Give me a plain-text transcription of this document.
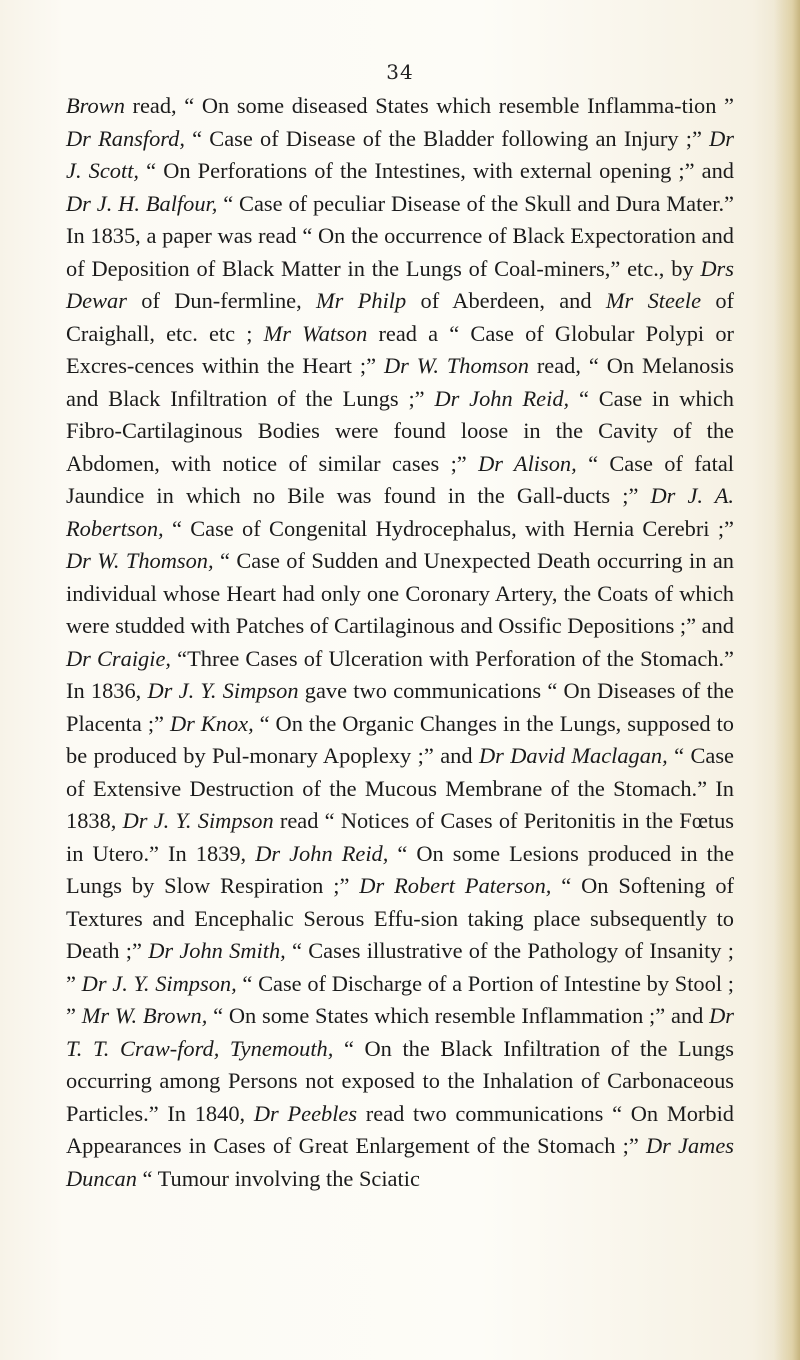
34

Brown read, “ On some diseased States which resemble Inflamma-tion ” Dr Ransford, “ Case of Disease of the Bladder following an Injury ;” Dr J. Scott, “ On Perforations of the Intestines, with external opening ;” and Dr J. H. Balfour, “ Case of peculiar Disease of the Skull and Dura Mater.” In 1835, a paper was read “ On the occurrence of Black Expectoration and of Deposition of Black Matter in the Lungs of Coal-miners,” etc., by Drs Dewar of Dun-fermline, Mr Philp of Aberdeen, and Mr Steele of Craighall, etc. etc ; Mr Watson read a “ Case of Globular Polypi or Excres-cences within the Heart ;” Dr W. Thomson read, “ On Melanosis and Black Infiltration of the Lungs ;” Dr John Reid, “ Case in which Fibro-Cartilaginous Bodies were found loose in the Cavity of the Abdomen, with notice of similar cases ;” Dr Alison, “ Case of fatal Jaundice in which no Bile was found in the Gall-ducts ;” Dr J. A. Robertson, “ Case of Congenital Hydrocephalus, with Hernia Cerebri ;” Dr W. Thomson, “ Case of Sudden and Unexpected Death occurring in an individual whose Heart had only one Coronary Artery, the Coats of which were studded with Patches of Cartilaginous and Ossific Depositions ;” and Dr Craigie, “Three Cases of Ulceration with Perforation of the Stomach.” In 1836, Dr J. Y. Simpson gave two communications “ On Diseases of the Placenta ;” Dr Knox, “ On the Organic Changes in the Lungs, supposed to be produced by Pul-monary Apoplexy ;” and Dr David Maclagan, “ Case of Extensive Destruction of the Mucous Membrane of the Stomach.” In 1838, Dr J. Y. Simpson read “ Notices of Cases of Peritonitis in the Fœtus in Utero.” In 1839, Dr John Reid, “ On some Lesions produced in the Lungs by Slow Respiration ;” Dr Robert Paterson, “ On Softening of Textures and Encephalic Serous Effu-sion taking place subsequently to Death ;” Dr John Smith, “ Cases illustrative of the Pathology of Insanity ; ” Dr J. Y. Simpson, “ Case of Discharge of a Portion of Intestine by Stool ; ” Mr W. Brown, “ On some States which resemble Inflammation ;” and Dr T. T. Craw-ford, Tynemouth, “ On the Black Infiltration of the Lungs occurring among Persons not exposed to the Inhalation of Carbonaceous Particles.” In 1840, Dr Peebles read two communications “ On Morbid Appearances in Cases of Great Enlargement of the Stomach ;” Dr James Duncan “ Tumour involving the Sciatic
